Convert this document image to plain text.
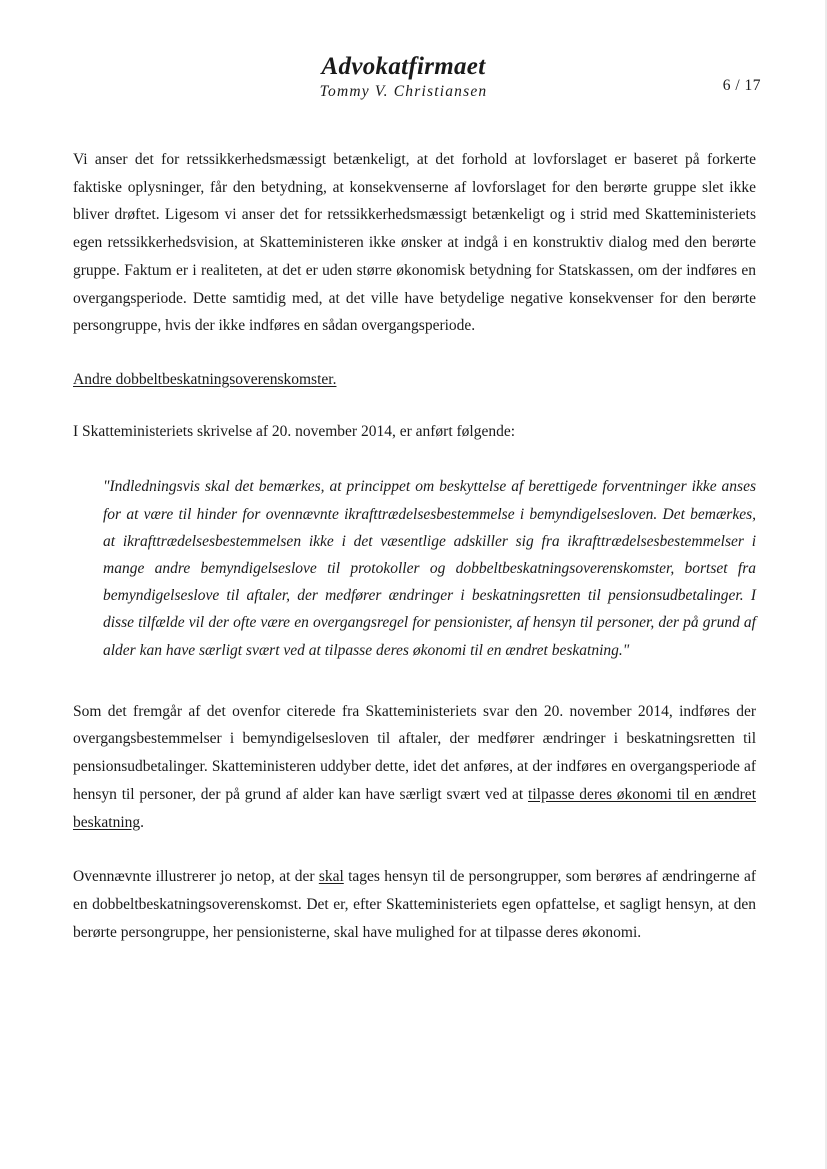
Advokatfirmaet
Tommy V. Christiansen	6 / 17

Vi anser det for retssikkerhedsmæssigt betænkeligt, at det forhold at lovforslaget er baseret på forkerte faktiske oplysninger, får den betydning, at konsekvenserne af lovforslaget for den berørte gruppe slet ikke bliver drøftet. Ligesom vi anser det for retssikkerhedsmæssigt betænkeligt og i strid med Skatteministeriets egen retssikkerhedsvision, at Skatteministeren ikke ønsker at indgå i en konstruktiv dialog med den berørte gruppe. Faktum er i realiteten, at det er uden større økonomisk betydning for Statskassen, om der indføres en overgangsperiode. Dette samtidig med, at det ville have betydelige negative konsekvenser for den berørte persongruppe, hvis der ikke indføres en sådan overgangsperiode.

Andre dobbeltbeskatningsoverenskomster.

I Skatteministeriets skrivelse af 20. november 2014, er anført følgende:

"Indledningsvis skal det bemærkes, at princippet om beskyttelse af berettigede forventninger ikke anses for at være til hinder for ovennævnte ikrafttrædelsesbestemmelse i bemyndigelsesloven. Det bemærkes, at ikrafttrædelsesbestemmelsen ikke i det væsentlige adskiller sig fra ikrafttrædelsesbestemmelser i mange andre bemyndigelseslove til protokoller og dobbeltbeskatningsoverenskomster, bortset fra bemyndigelseslove til aftaler, der medfører ændringer i beskatningsretten til pensionsudbetalinger. I disse tilfælde vil der ofte være en overgangsregel for pensionister, af hensyn til personer, der på grund af alder kan have særligt svært ved at tilpasse deres økonomi til en ændret beskatning."

Som det fremgår af det ovenfor citerede fra Skatteministeriets svar den 20. november 2014, indføres der overgangsbestemmelser i bemyndigelsesloven til aftaler, der medfører ændringer i beskatningsretten til pensionsudbetalinger. Skatteministeren uddyber dette, idet det anføres, at der indføres en overgangsperiode af hensyn til personer, der på grund af alder kan have særligt svært ved at tilpasse deres økonomi til en ændret beskatning.

Ovennævnte illustrerer jo netop, at der skal tages hensyn til de persongrupper, som berøres af ændringerne af en dobbeltbeskatningsoverenskomst. Det er, efter Skatteministeriets egen opfattelse, et sagligt hensyn, at den berørte persongruppe, her pensionisterne, skal have mulighed for at tilpasse deres økonomi.
